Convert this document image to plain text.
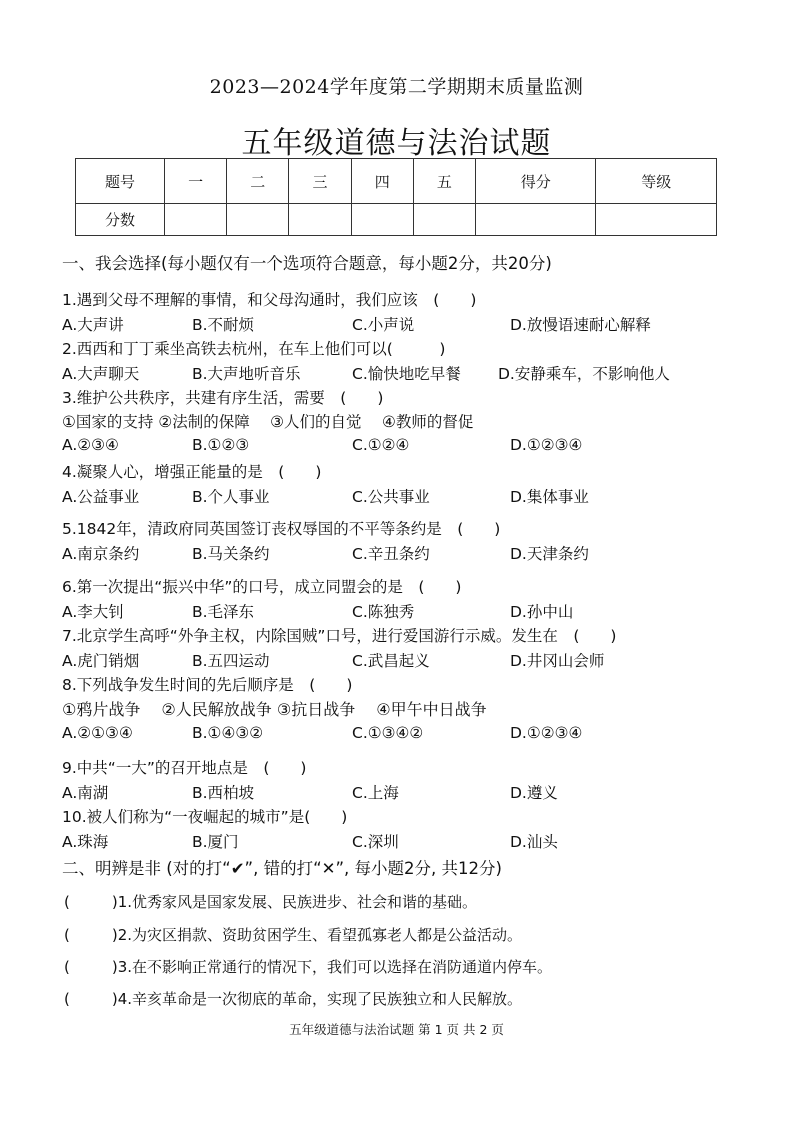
2023—2024学年度第二学期期末质量监测
五年级道德与法治试题
题号	一	二	三	四	五	得分	等级
分数							
一、我会选择(每小题仅有一个选项符合题意，每小题2分，共20分)
1.遇到父母不理解的事情，和父母沟通时，我们应该　(　　)
A.大声讲	B.不耐烦	C.小声说	D.放慢语速耐心解释
2.西西和丁丁乘坐高铁去杭州，在车上他们可以(　　　)
A.大声聊天	B.大声地听音乐	C.愉快地吃早餐 D.安静乘车，不影响他人
3.维护公共秩序，共建有序生活，需要　(　　)
①国家的支持 ②法制的保障　 ③人们的自觉　 ④教师的督促
A.②③④	B.①②③	C.①②④	D.①②③④
4.凝聚人心，增强正能量的是　(　　)
A.公益事业	B.个人事业	C.公共事业	D.集体事业
5.1842年，清政府同英国签订丧权辱国的不平等条约是　(　　)
A.南京条约	B.马关条约	C.辛丑条约	D.天津条约
6.第一次提出“振兴中华”的口号，成立同盟会的是　(　　)
A.李大钊	B.毛泽东	C.陈独秀	D.孙中山
7.北京学生高呼“外争主权，内除国贼”口号，进行爱国游行示威。发生在　(　　)
A.虎门销烟	B.五四运动	C.武昌起义	D.井冈山会师
8.下列战争发生时间的先后顺序是　(　　)
①鸦片战争　 ②人民解放战争 ③抗日战争　 ④甲午中日战争
A.②①③④	B.①④③②	C.①③④②	D.①②③④
9.中共“一大”的召开地点是　(　　)
A.南湖	B.西柏坡	C.上海	D.遵义
10.被人们称为“一夜崛起的城市”是(　　)
A.珠海	B.厦门	C.深圳	D.汕头
二、明辨是非 (对的打“✔”, 错的打“✕”, 每小题2分, 共12分)
(	)1.优秀家风是国家发展、民族进步、社会和谐的基础。
(	)2.为灾区捐款、资助贫困学生、看望孤寡老人都是公益活动。
(	)3.在不影响正常通行的情况下，我们可以选择在消防通道内停车。
(	)4.辛亥革命是一次彻底的革命，实现了民族独立和人民解放。
五年级道德与法治试题 第 1 页 共 2 页
